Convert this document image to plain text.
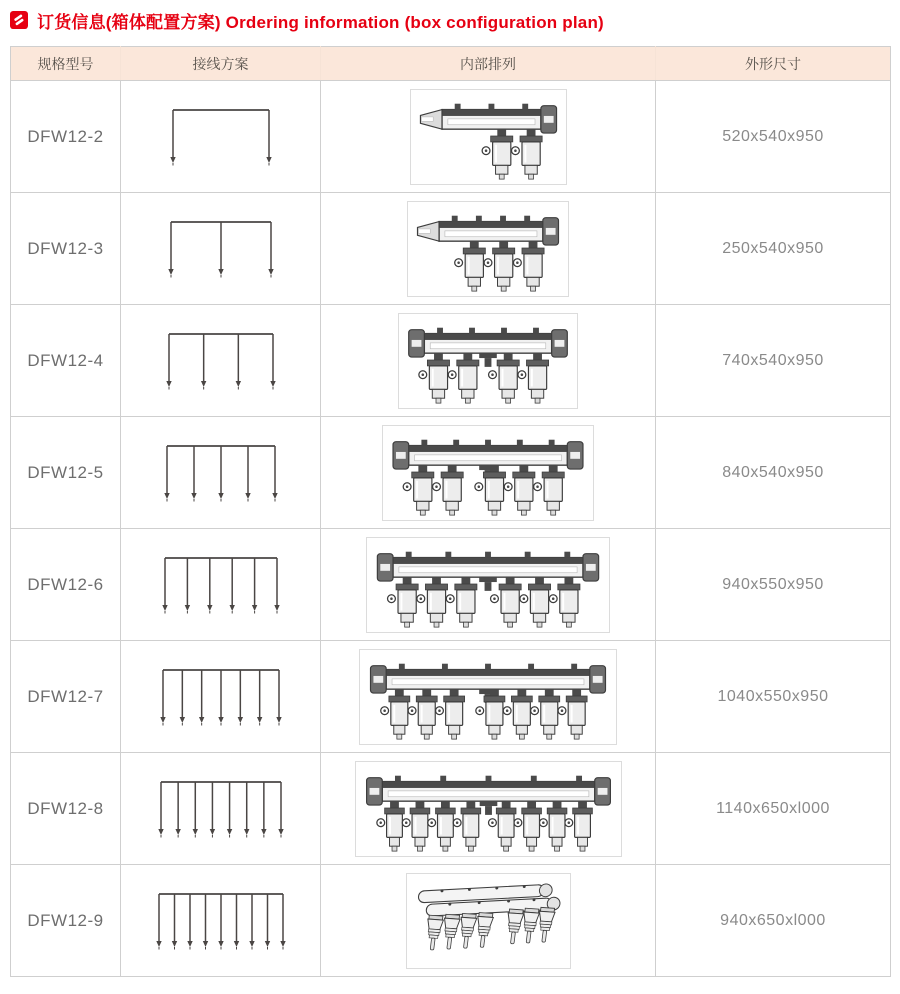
订货信息(箱体配置方案) Ordering information (box configuration plan)
规格型号	接线方案	内部排列	外形尺寸
DFW12-2			520x540x950
DFW12-3			250x540x950
DFW12-4			740x540x950
DFW12-5			840x540x950
DFW12-6			940x550x950
DFW12-7			1040x550x950
DFW12-8			1140x650xl000
DFW12-9			940x650xl000
